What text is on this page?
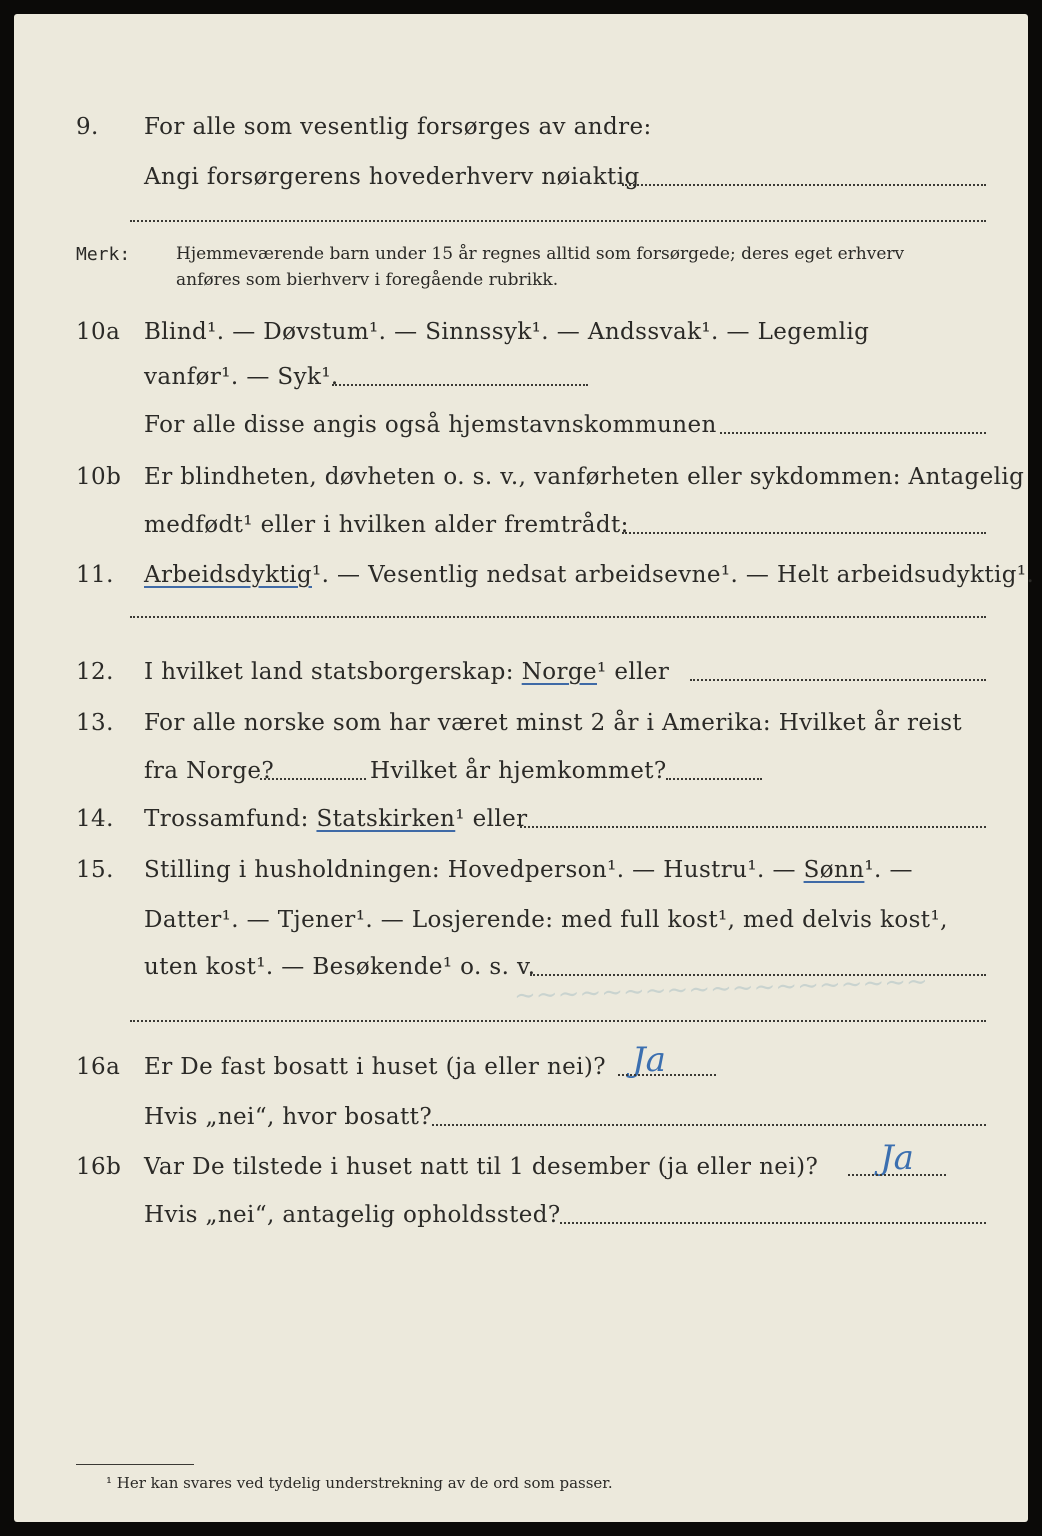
~~~~~~~~~~~~~~~~~~~
9. For alle som vesentlig forsørges av andre:
Angi forsørgerens hovederhverv nøiaktig
Merk:	Hjemmeværende barn under 15 år regnes alltid som forsørgede; deres eget erhverv
anføres som bierhverv i foregående rubrikk.
10a Blind¹. — Døvstum¹. — Sinnssyk¹. — Andssvak¹. — Legemlig
vanfør¹. — Syk¹.
For alle disse angis også hjemstavnskommunen
10b Er blindheten, døvheten o. s. v., vanførheten eller sykdommen: Antagelig
medfødt¹ eller i hvilken alder fremtrådt:
11. Arbeidsdyktig¹. — Vesentlig nedsat arbeidsevne¹. — Helt arbeidsudyktig¹.
12. I hvilket land statsborgerskap: Norge¹ eller
13. For alle norske som har været minst 2 år i Amerika: Hvilket år reist
fra Norge?	Hvilket år hjemkommet?
14. Trossamfund: Statskirken¹ eller
15. Stilling i husholdningen: Hovedperson¹. — Hustru¹. — Sønn¹. —
Datter¹. — Tjener¹. — Losjerende: med full kost¹, med delvis kost¹,
uten kost¹. — Besøkende¹ o. s. v.
16a Er De fast bosatt i huset (ja eller nei)? Ja
Hvis „nei“, hvor bosatt?
16b Var De tilstede i huset natt til 1 desember (ja eller nei)? Ja
Hvis „nei“, antagelig opholdssted?
¹ Her kan svares ved tydelig understrekning av de ord som passer.
